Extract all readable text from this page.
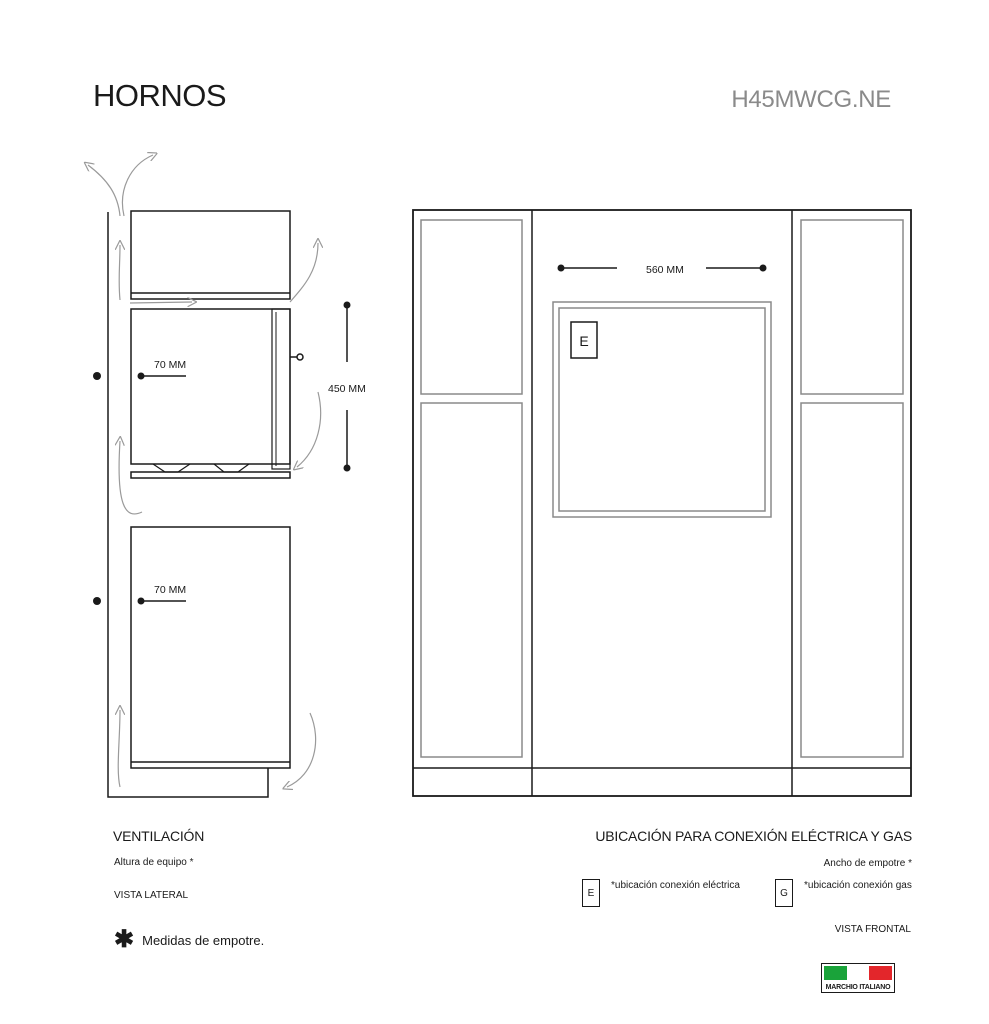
HORNOS	H45MWCG.NE
70 MM
70 MM
450 MM
E
560 MM
VENTILACIÓN
Altura de equipo *
VISTA LATERAL
✱ Medidas de empotre.
UBICACIÓN PARA CONEXIÓN ELÉCTRICA Y GAS
Ancho de empotre *
E
*ubicación conexión eléctrica
G
*ubicación conexión gas
VISTA FRONTAL
MARCHIO ITALIANO
